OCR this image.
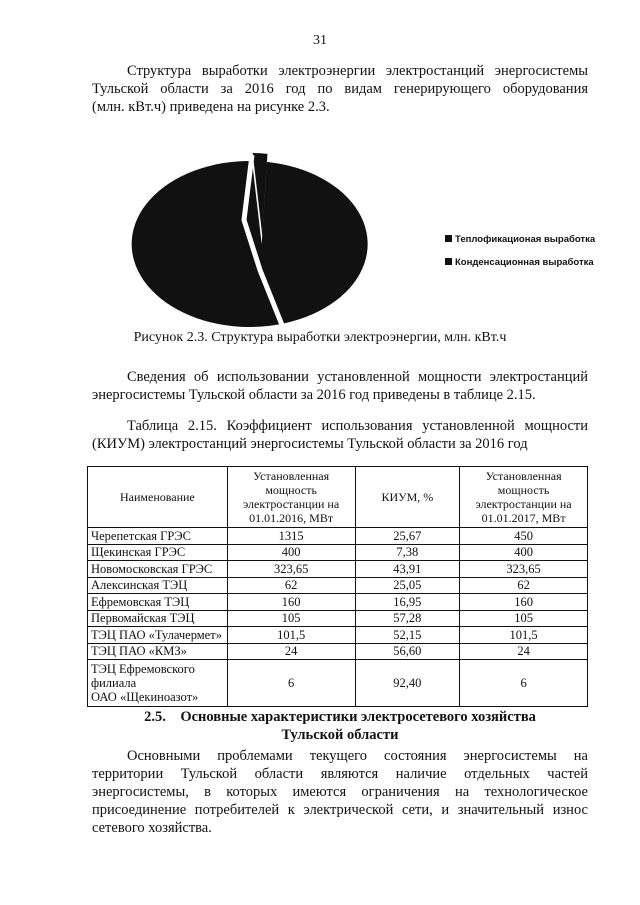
31
Структура выработки электроэнергии электростанций энергосистемы
Тульской области за 2016 год по видам генерирующего оборудования
(млн. кВт.ч) приведена на рисунке 2.3.
Теплофикационая выработка
Конденсационная выработка
Рисунок 2.3. Структура выработки электроэнергии, млн. кВт.ч
Сведения об использовании установленной мощности электростанций
энергосистемы Тульской области за 2016 год приведены в таблице 2.15.
Таблица 2.15. Коэффициент использования установленной мощности
(КИУМ) электростанций энергосистемы Тульской области за 2016 год
Наименование	Установленная мощность электростанции на 01.01.2016, МВт	КИУМ, %	Установленная мощность электростанции на 01.01.2017, МВт
Черепетская ГРЭС	1315	25,67	450
Щекинская ГРЭС	400	7,38	400
Новомосковская ГРЭС	323,65	43,91	323,65
Алексинская ТЭЦ	62	25,05	62
Ефремовская ТЭЦ	160	16,95	160
Первомайская ТЭЦ	105	57,28	105
ТЭЦ ПАО «Тулачермет»	101,5	52,15	101,5
ТЭЦ ПАО «КМЗ»	24	56,60	24
ТЭЦ Ефремовского
филиала
ОАО «Щекиноазот»	6	92,40	6
2.5. Основные характеристики электросетевого хозяйства
Тульской области
Основными проблемами текущего состояния энергосистемы на
территории Тульской области являются наличие отдельных частей
энергосистемы, в которых имеются ограничения на технологическое
присоединение потребителей к электрической сети, и значительный износ
сетевого хозяйства.
